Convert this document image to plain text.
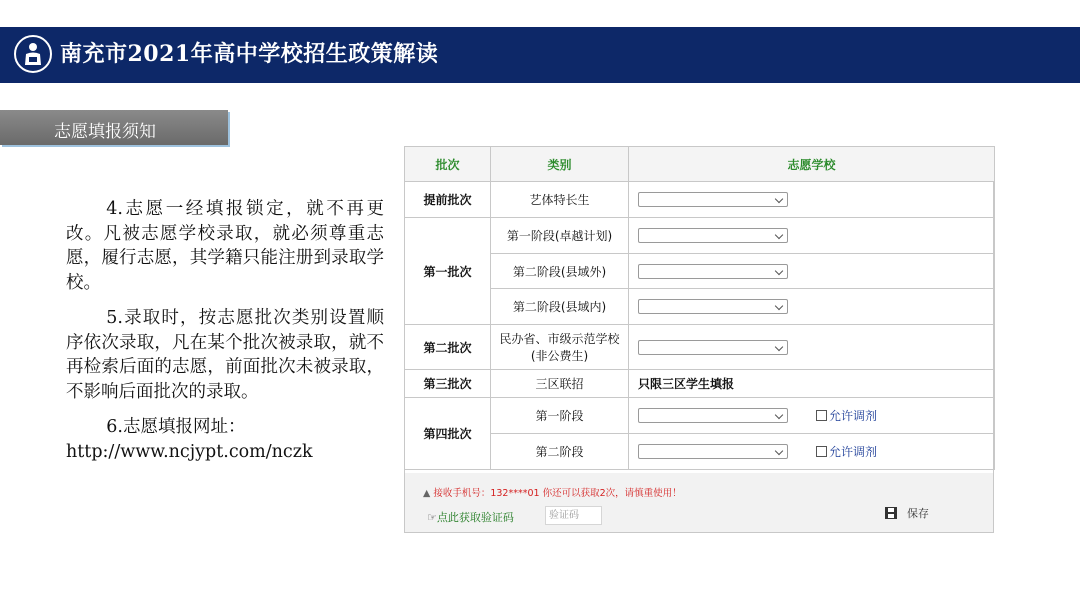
南充市2021年高中学校招生政策解读
志愿填报须知

4.志愿一经填报锁定，就不再更改。凡被志愿学校录取，就必须尊重志愿，履行志愿，其学籍只能注册到录取学校。

5.录取时，按志愿批次类别设置顺序依次录取，凡在某个批次被录取，就不再检索后面的志愿，前面批次未被录取，不影响后面批次的录取。

6.志愿填报网址：

http://www.ncjypt.com/nczk

批次	类别	志愿学校
提前批次	艺体特长生	
第一批次	第一阶段(卓越计划)	
	第二阶段(县域外)	
	第二阶段(县域内)	
第二批次	民办省、市级示范学校
(非公费生)	

第三批次	三区联招	只限三区学生填报
第四批次	第一阶段	允许调剂
	第二阶段	允许调剂
▲ 接收手机号：132****01 你还可以获取2次，请慎重使用！
☞点此获取验证码	验证码	保存
